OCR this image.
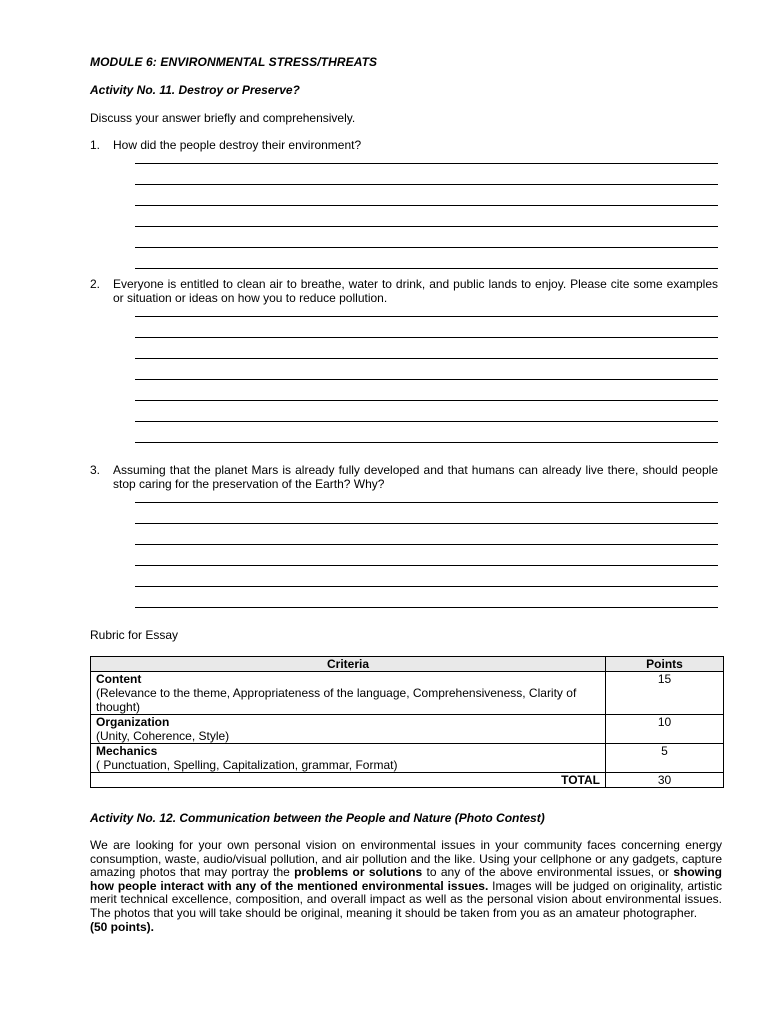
MODULE 6: ENVIRONMENTAL STRESS/THREATS
Activity No. 11. Destroy or Preserve?
Discuss your answer briefly and comprehensively.
1. How did the people destroy their environment?
2. Everyone is entitled to clean air to breathe, water to drink, and public lands to enjoy. Please cite some examples or situation or ideas on how you to reduce pollution.
3. Assuming that the planet Mars is already fully developed and that humans can already live there, should people stop caring for the preservation of the Earth? Why?
Rubric for Essay
Criteria	Points

Content
(Relevance to the theme, Appropriateness of the language, Comprehensiveness, Clarity of thought)	15

Organization
(Unity, Coherence, Style)	10

Mechanics
( Punctuation, Spelling, Capitalization, grammar, Format)	5
TOTAL	30
Activity No. 12. Communication between the People and Nature (Photo Contest)
We are looking for your own personal vision on environmental issues in your community faces concerning energy consumption, waste, audio/visual pollution, and air pollution and the like. Using your cellphone or any gadgets, capture amazing photos that may portray the problems or solutions to any of the above environmental issues, or showing how people interact with any of the mentioned environmental issues. Images will be judged on originality, artistic merit technical excellence, composition, and overall impact as well as the personal vision about environmental issues. The photos that you will take should be original, meaning it should be taken from you as an amateur photographer.
(50 points).
